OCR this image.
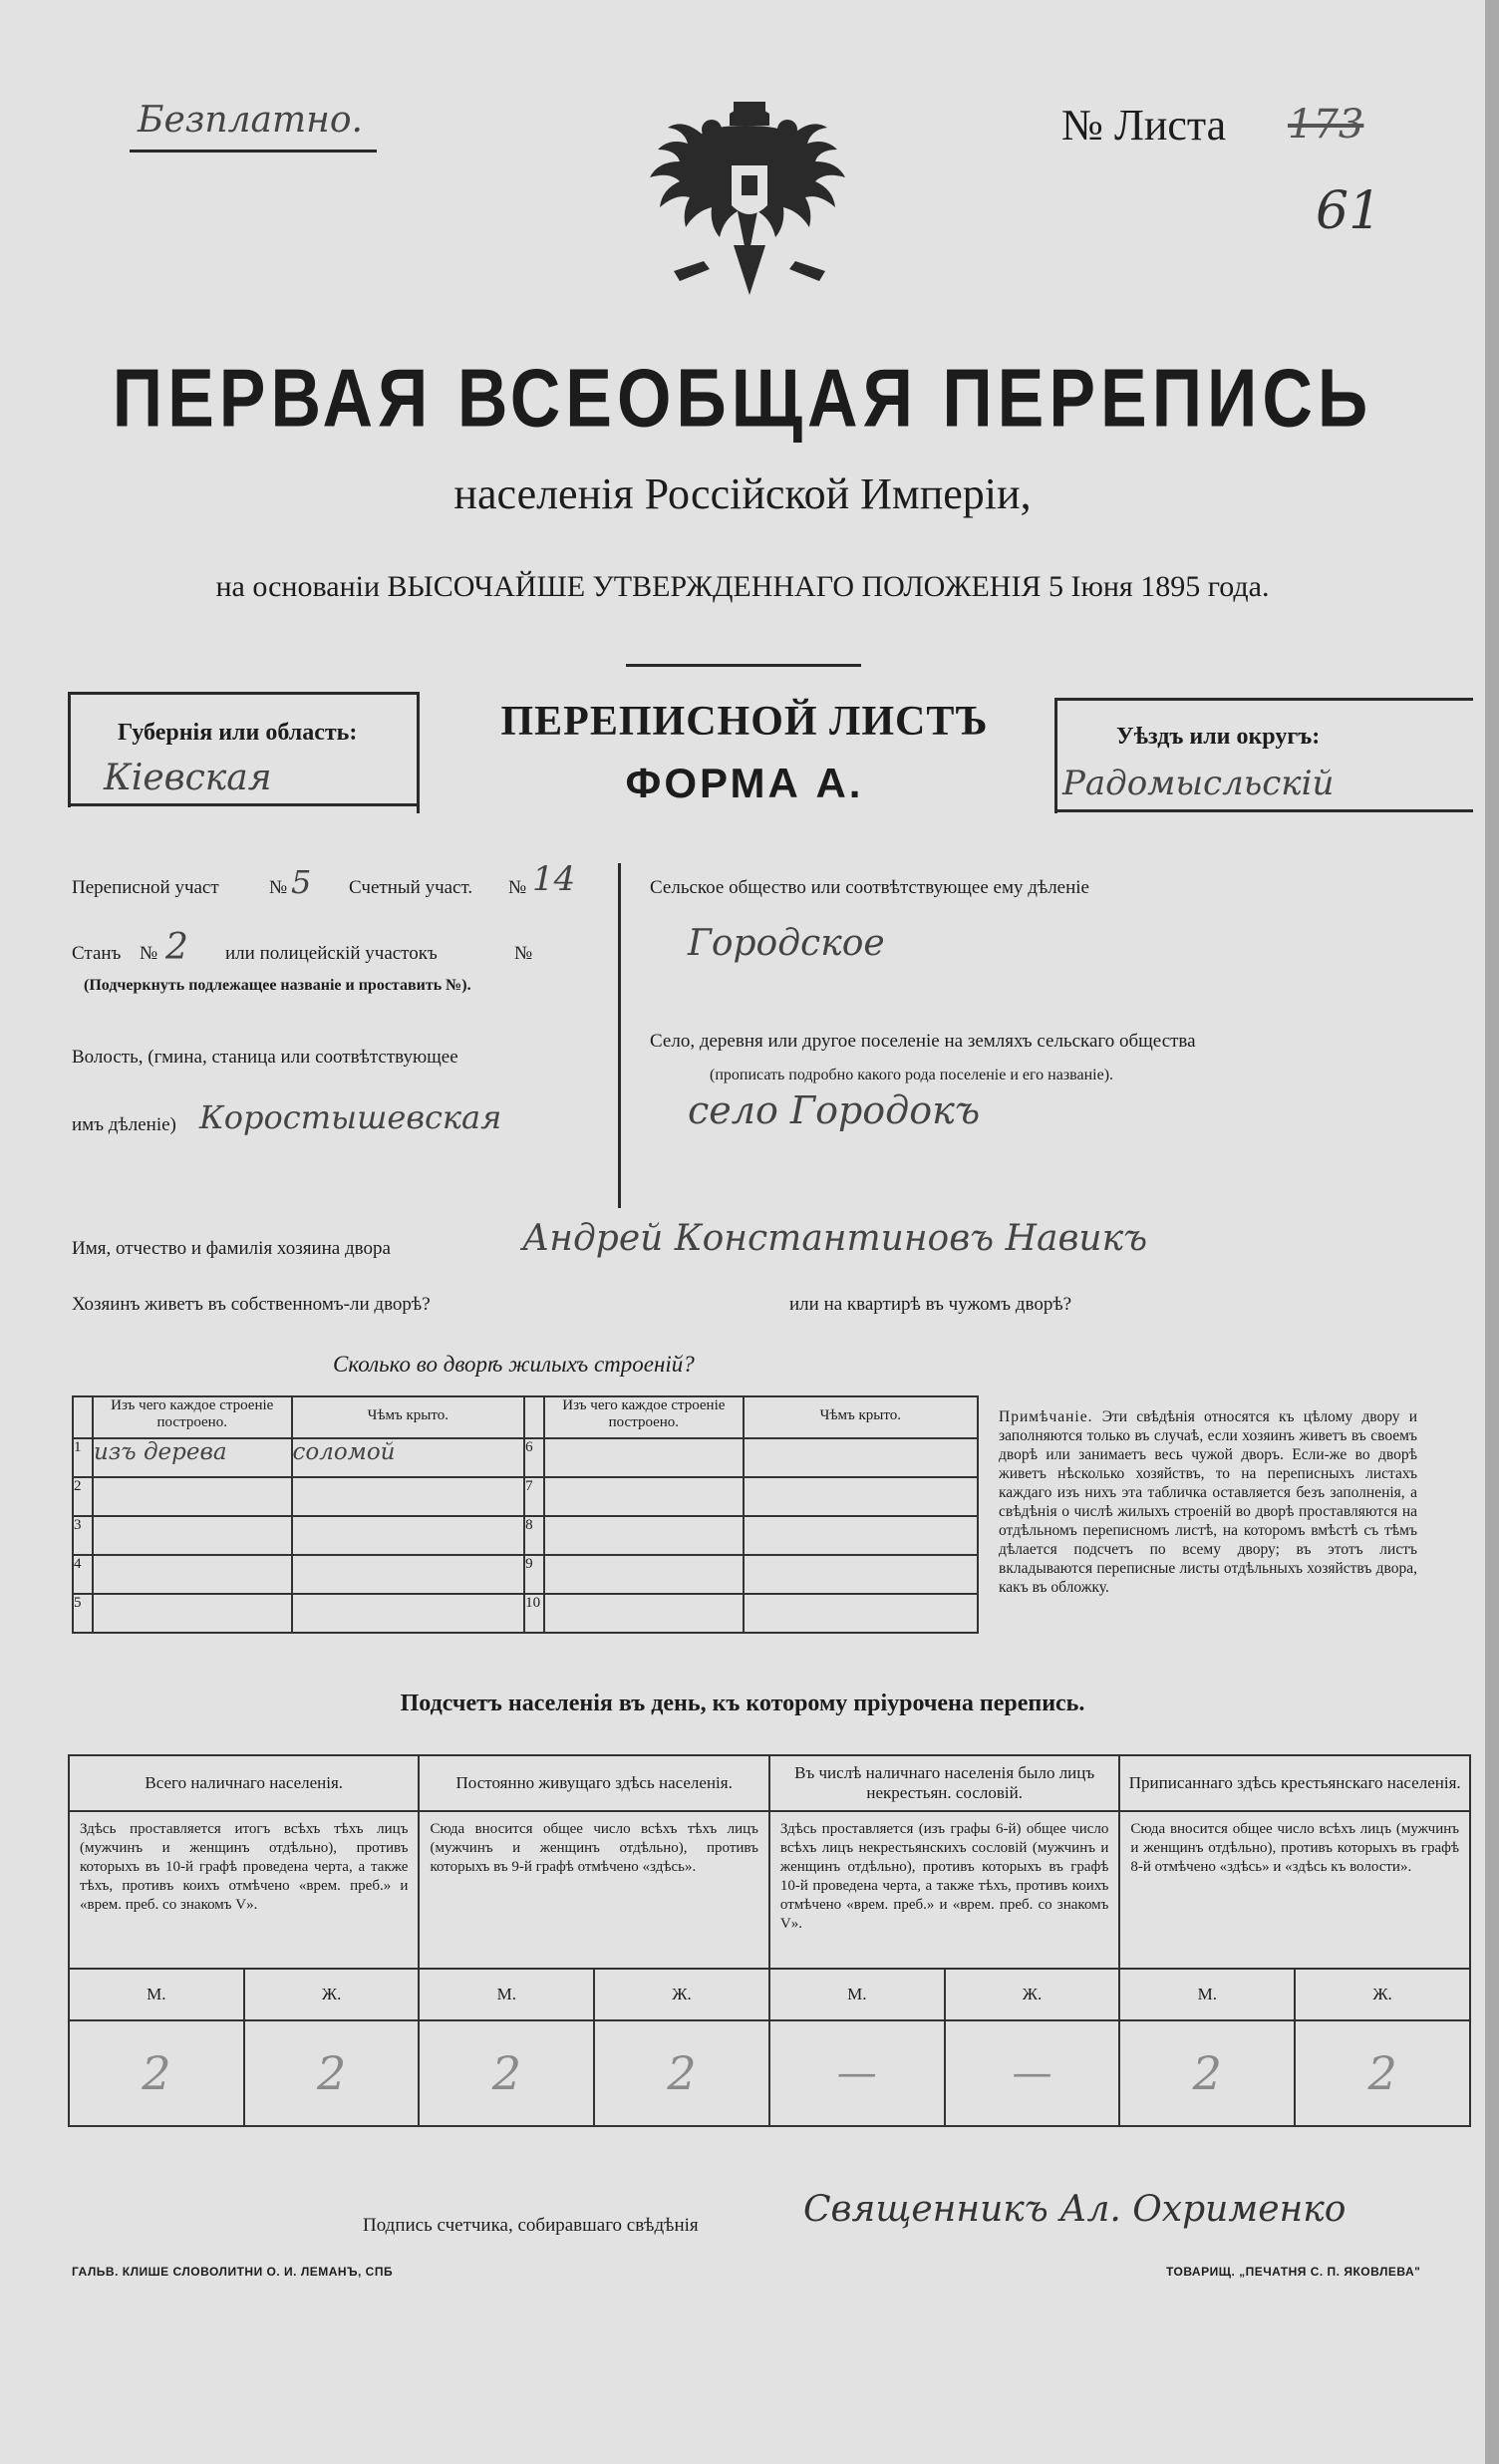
Безплатно.	№ Листа 173
61
ПЕРВАЯ ВСЕОБЩАЯ ПЕРЕПИСЬ
населенія Россійской Имперіи,
на основаніи ВЫСОЧАЙШЕ УТВЕРЖДЕННАГО ПОЛОЖЕНІЯ 5 Іюня 1895 года.
Губернія или область:
Кіевская
ПЕРЕПИСНОЙ ЛИСТЪ
ФОРМА А.
Уѣздъ или округъ:
Радомысльскій
Переписной участ	№ 5 Счетный участ. № 14
Станъ № 2 или полицейскій участокъ	№
(Подчеркнуть подлежащее названіе и проставить №).
Волость, (гмина, станица или соотвѣтствующее
имъ дѣленіе) Коростышевская
Сельское общество или соотвѣтствующее ему дѣленіе
Городское
Село, деревня или другое поселеніе на земляхъ сельскаго общества
(прописать подробно какого рода поселеніе и его названіе).
село Городокъ
Имя, отчество и фамилія хозяина двора	Андрей Константиновъ Навикъ
Хозяинъ живетъ въ собственномъ-ли дворѣ?	или на квартирѣ въ чужомъ дворѣ?
Сколько во дворѣ жилыхъ строеній?
	Изъ чего каждое строеніе построено.	Чѣмъ крыто.		Изъ чего каждое строеніе построено.	Чѣмъ крыто.
1	изъ дерева	соломой	6		
2			7		
3			8		
4			9		
5			10		
Примѣчаніе. Эти свѣдѣнія относятся къ цѣлому двору и заполняются только въ случаѣ, если хозяинъ живетъ въ своемъ дворѣ или занимаетъ весь чужой дворъ. Если-же во дворѣ живетъ нѣсколько хозяйствъ, то на переписныхъ листахъ каждаго изъ нихъ эта табличка оставляется безъ заполненія, а свѣдѣнія о числѣ жилыхъ строеній во дворѣ проставляются на отдѣльномъ переписномъ листѣ, на которомъ вмѣстѣ съ тѣмъ дѣлается подсчетъ по всему двору; въ этотъ листъ вкладываются переписные листы отдѣльныхъ хозяйствъ двора, какъ въ обложку.
Подсчетъ населенія въ день, къ которому пріурочена перепись.
Всего наличнаго населенія.		Постоянно живущаго здѣсь населенія.		Въ числѣ наличнаго населенія было лицъ некрестьян. сословій.		Приписаннаго здѣсь крестьянскаго населенія.	
Здѣсь проставляется итогъ всѣхъ тѣхъ лицъ (мужчинъ и женщинъ отдѣльно), противъ которыхъ въ 10-й графѣ проведена черта, а также тѣхъ, противъ коихъ отмѣчено «врем. преб.» и «врем. преб. со знакомъ V».		Сюда вносится общее число всѣхъ тѣхъ лицъ (мужчинъ и женщинъ отдѣльно), противъ которыхъ въ 9-й графѣ отмѣчено «здѣсь».		Здѣсь проставляется (изъ графы 6-й) общее число всѣхъ лицъ некрестьянскихъ сословій (мужчинъ и женщинъ отдѣльно), противъ которыхъ въ графѣ 10-й проведена черта, а также тѣхъ, противъ коихъ отмѣчено «врем. преб.» и «врем. преб. со знакомъ V».		Сюда вносится общее число всѣхъ лицъ (мужчинъ и женщинъ отдѣльно), противъ которыхъ въ графѣ 8-й отмѣчено «здѣсь» и «здѣсь къ волости».	
М.	Ж.	М.	Ж.	М.	Ж.	М.	Ж.
2	2	2	2	—	—	2	2
Подпись счетчика, собиравшаго свѣдѣнія	Священникъ Ал. Охрименко
ГАЛЬВ. КЛИШЕ СЛОВОЛИТНИ О. И. ЛЕМАНЪ, СПБ	ТОВАРИЩ. „ПЕЧАТНЯ С. П. ЯКОВЛЕВА"
